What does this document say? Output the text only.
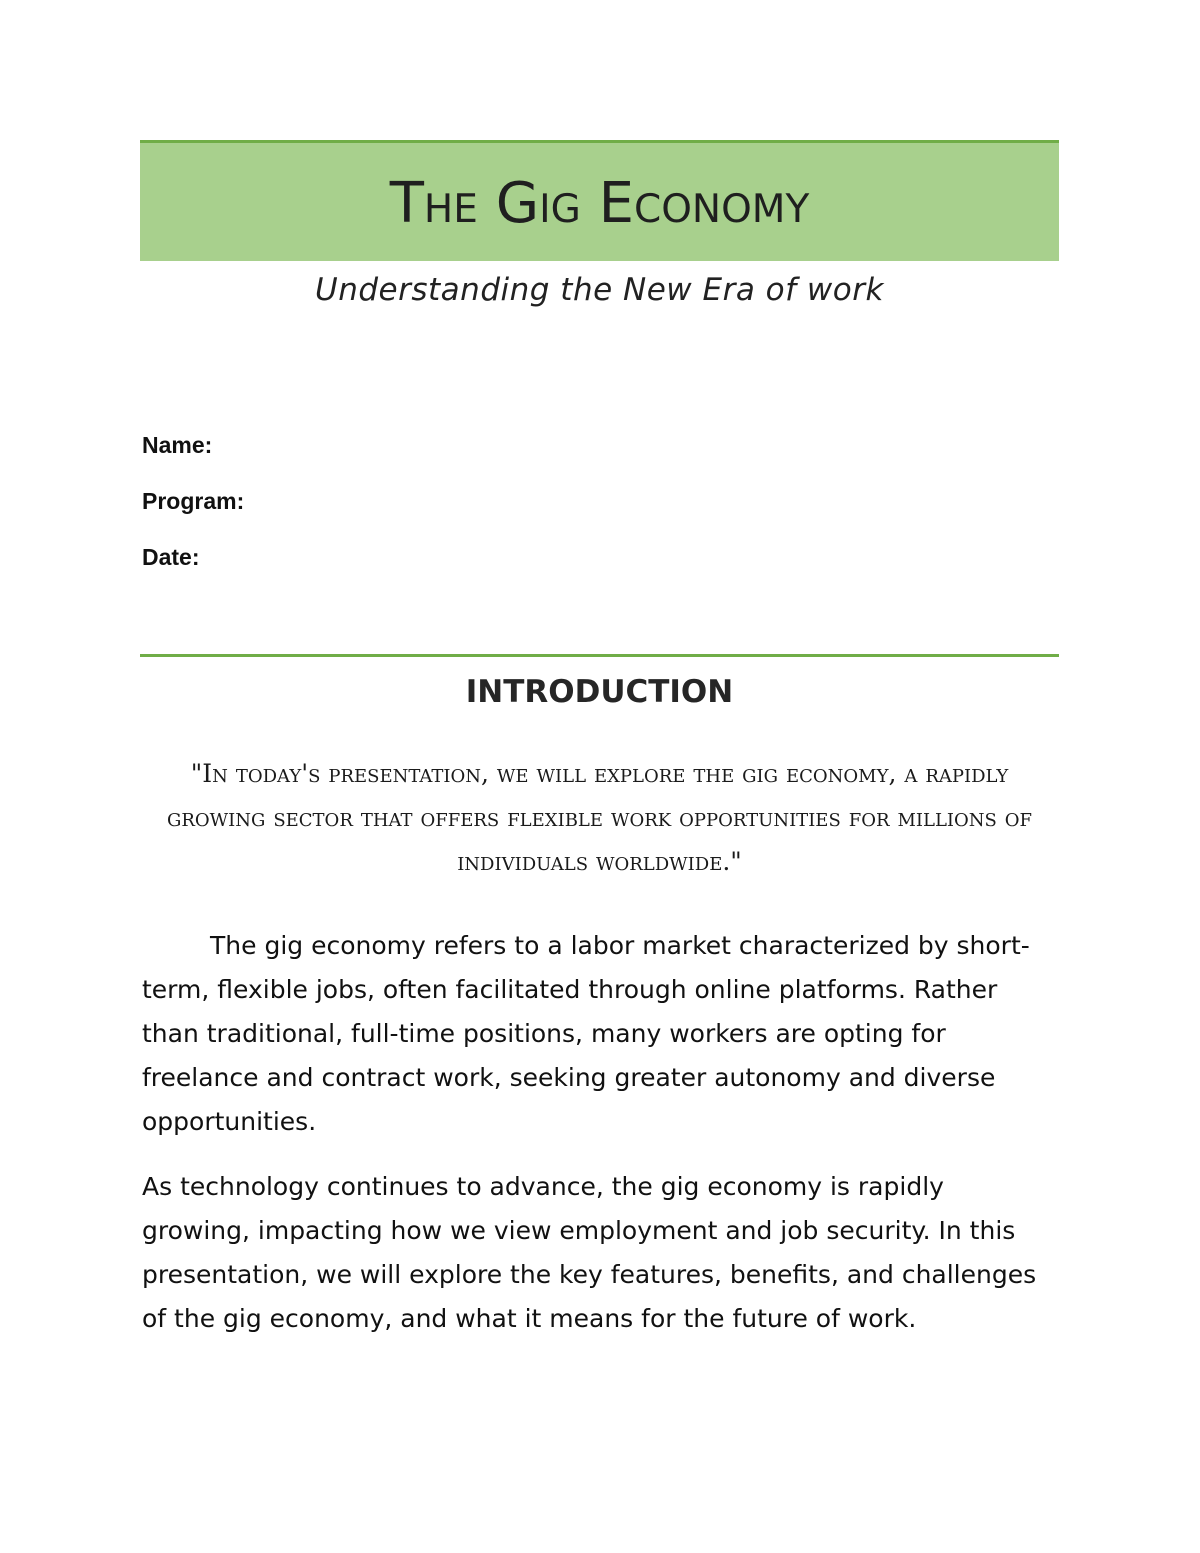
The Gig Economy
Understanding the New Era of work
Name:
Program:
Date:
INTRODUCTION
"In today's presentation, we will explore the gig economy, a rapidly growing sector that offers flexible work opportunities for millions of individuals worldwide."

The gig economy refers to a labor market characterized by short-term, flexible jobs, often facilitated through online platforms. Rather than traditional, full-time positions, many workers are opting for freelance and contract work, seeking greater autonomy and diverse opportunities.

As technology continues to advance, the gig economy is rapidly growing, impacting how we view employment and job security. In this presentation, we will explore the key features, benefits, and challenges of the gig economy, and what it means for the future of work.
